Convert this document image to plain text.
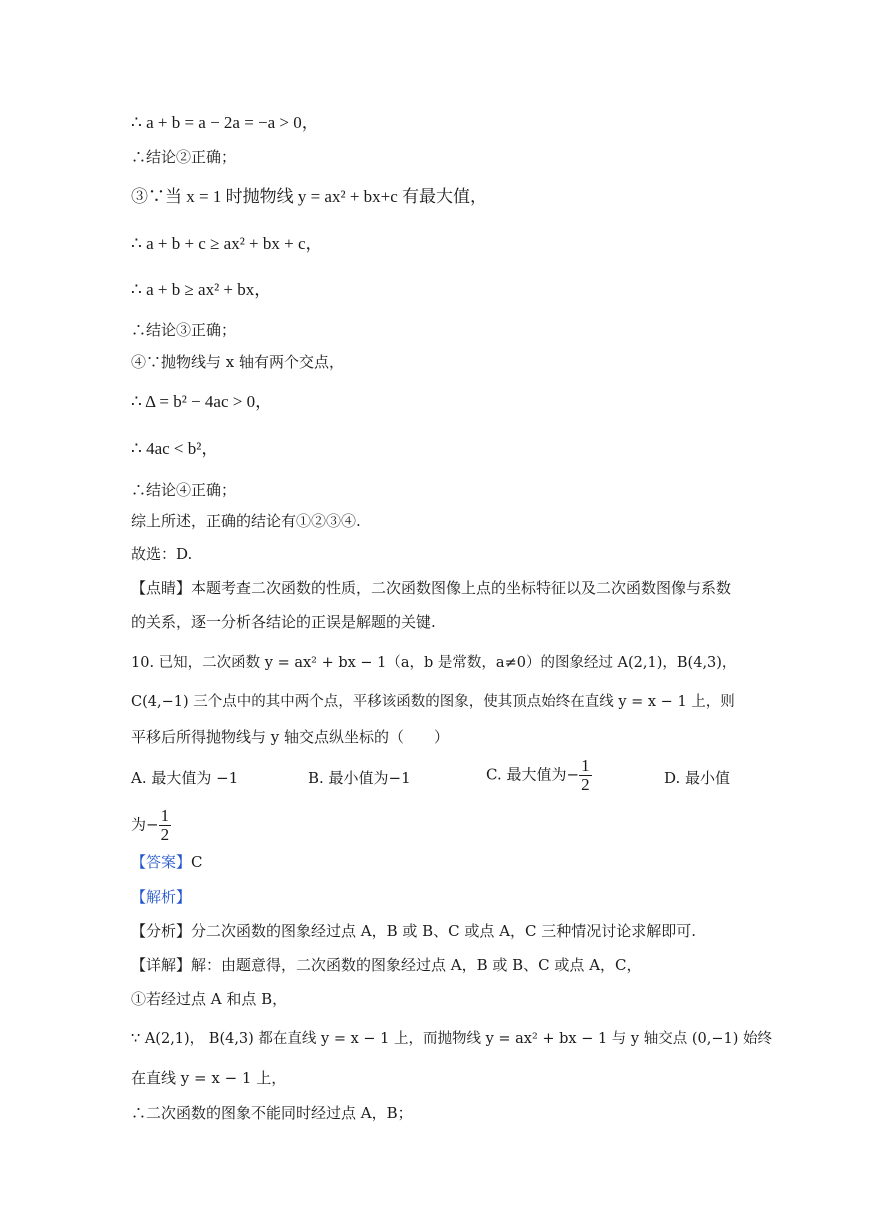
∴ a + b = a − 2a = −a > 0，
∴结论②正确；
③∵当 x = 1 时抛物线 y = ax² + bx+c 有最大值，
∴ a + b + c ≥ ax² + bx + c，
∴ a + b ≥ ax² + bx，
∴结论③正确；
④∵抛物线与 x 轴有两个交点，
∴ Δ = b² − 4ac > 0，
∴ 4ac < b²，
∴结论④正确；
综上所述，正确的结论有①②③④.
故选：D.
【点睛】本题考查二次函数的性质，二次函数图像上点的坐标特征以及二次函数图像与系数
的关系，逐一分析各结论的正误是解题的关键.
10. 已知，二次函数 y = ax² + bx − 1（a，b 是常数，a≠0）的图象经过 A(2,1)，B(4,3)，
C(4,−1) 三个点中的其中两个点，平移该函数的图象，使其顶点始终在直线 y = x − 1 上，则
平移后所得抛物线与 y 轴交点纵坐标的（　　）
A. 最大值为 −1	B. 最小值为−1	C. 最大值为− $\frac{1}{2}$	D. 最小值
为− $\frac{1}{2}$
【答案】C
【解析】
【分析】分二次函数的图象经过点 A，B 或 B、C 或点 A，C 三种情况讨论求解即可.
【详解】解：由题意得，二次函数的图象经过点 A，B 或 B、C 或点 A，C，
①若经过点 A 和点 B，
∵ A(2,1)， B(4,3) 都在直线 y = x − 1 上，而抛物线 y = ax² + bx − 1 与 y 轴交点 (0,−1) 始终
在直线 y = x − 1 上，
∴二次函数的图象不能同时经过点 A，B；
